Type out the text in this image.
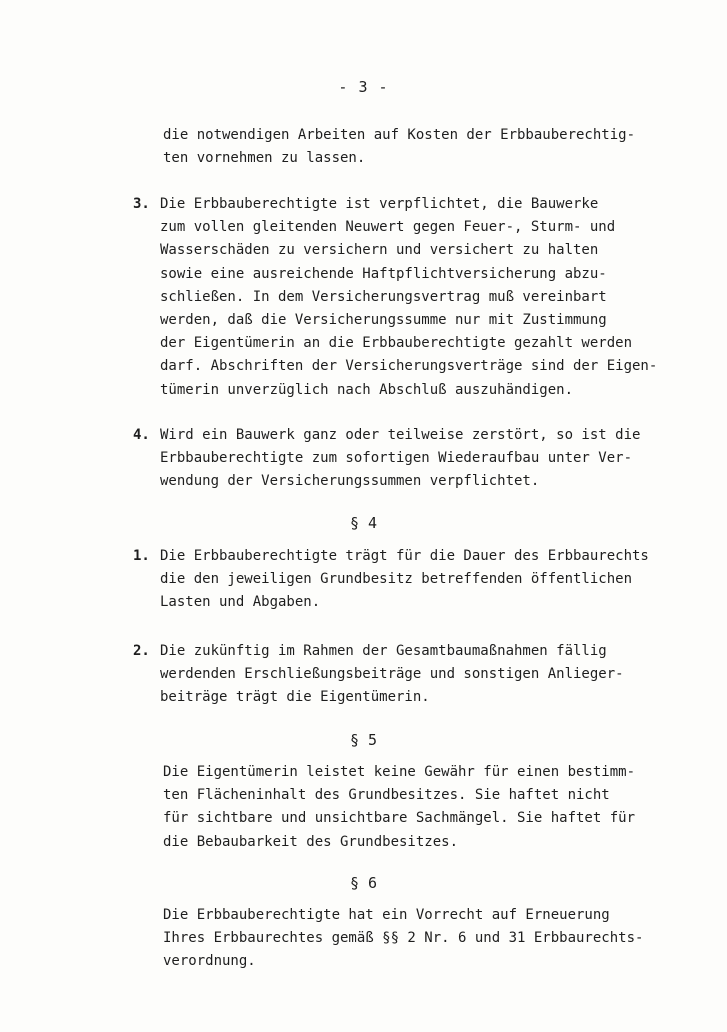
- 3 -
die notwendigen Arbeiten auf Kosten der Erbbauberechtig-
ten vornehmen zu lassen.
3. Die Erbbauberechtigte ist verpflichtet, die Bauwerke
zum vollen gleitenden Neuwert gegen Feuer-, Sturm- und
Wasserschäden zu versichern und versichert zu halten
sowie eine ausreichende Haftpflichtversicherung abzu-
schließen. In dem Versicherungsvertrag muß vereinbart
werden, daß die Versicherungssumme nur mit Zustimmung
der Eigentümerin an die Erbbauberechtigte gezahlt werden
darf. Abschriften der Versicherungsverträge sind der Eigen-
tümerin unverzüglich nach Abschluß auszuhändigen.
4. Wird ein Bauwerk ganz oder teilweise zerstört, so ist die
Erbbauberechtigte zum sofortigen Wiederaufbau unter Ver-
wendung der Versicherungssummen verpflichtet.
§ 4
1. Die Erbbauberechtigte trägt für die Dauer des Erbbaurechts
die den jeweiligen Grundbesitz betreffenden öffentlichen
Lasten und Abgaben.
2. Die zukünftig im Rahmen der Gesamtbaumaßnahmen fällig
werdenden Erschließungsbeiträge und sonstigen Anlieger-
beiträge trägt die Eigentümerin.
§ 5
Die Eigentümerin leistet keine Gewähr für einen bestimm-
ten Flächeninhalt des Grundbesitzes. Sie haftet nicht
für sichtbare und unsichtbare Sachmängel. Sie haftet für
die Bebaubarkeit des Grundbesitzes.
§ 6
Die Erbbauberechtigte hat ein Vorrecht auf Erneuerung
Ihres Erbbaurechtes gemäß §§ 2 Nr. 6 und 31 Erbbaurechts-
verordnung.
